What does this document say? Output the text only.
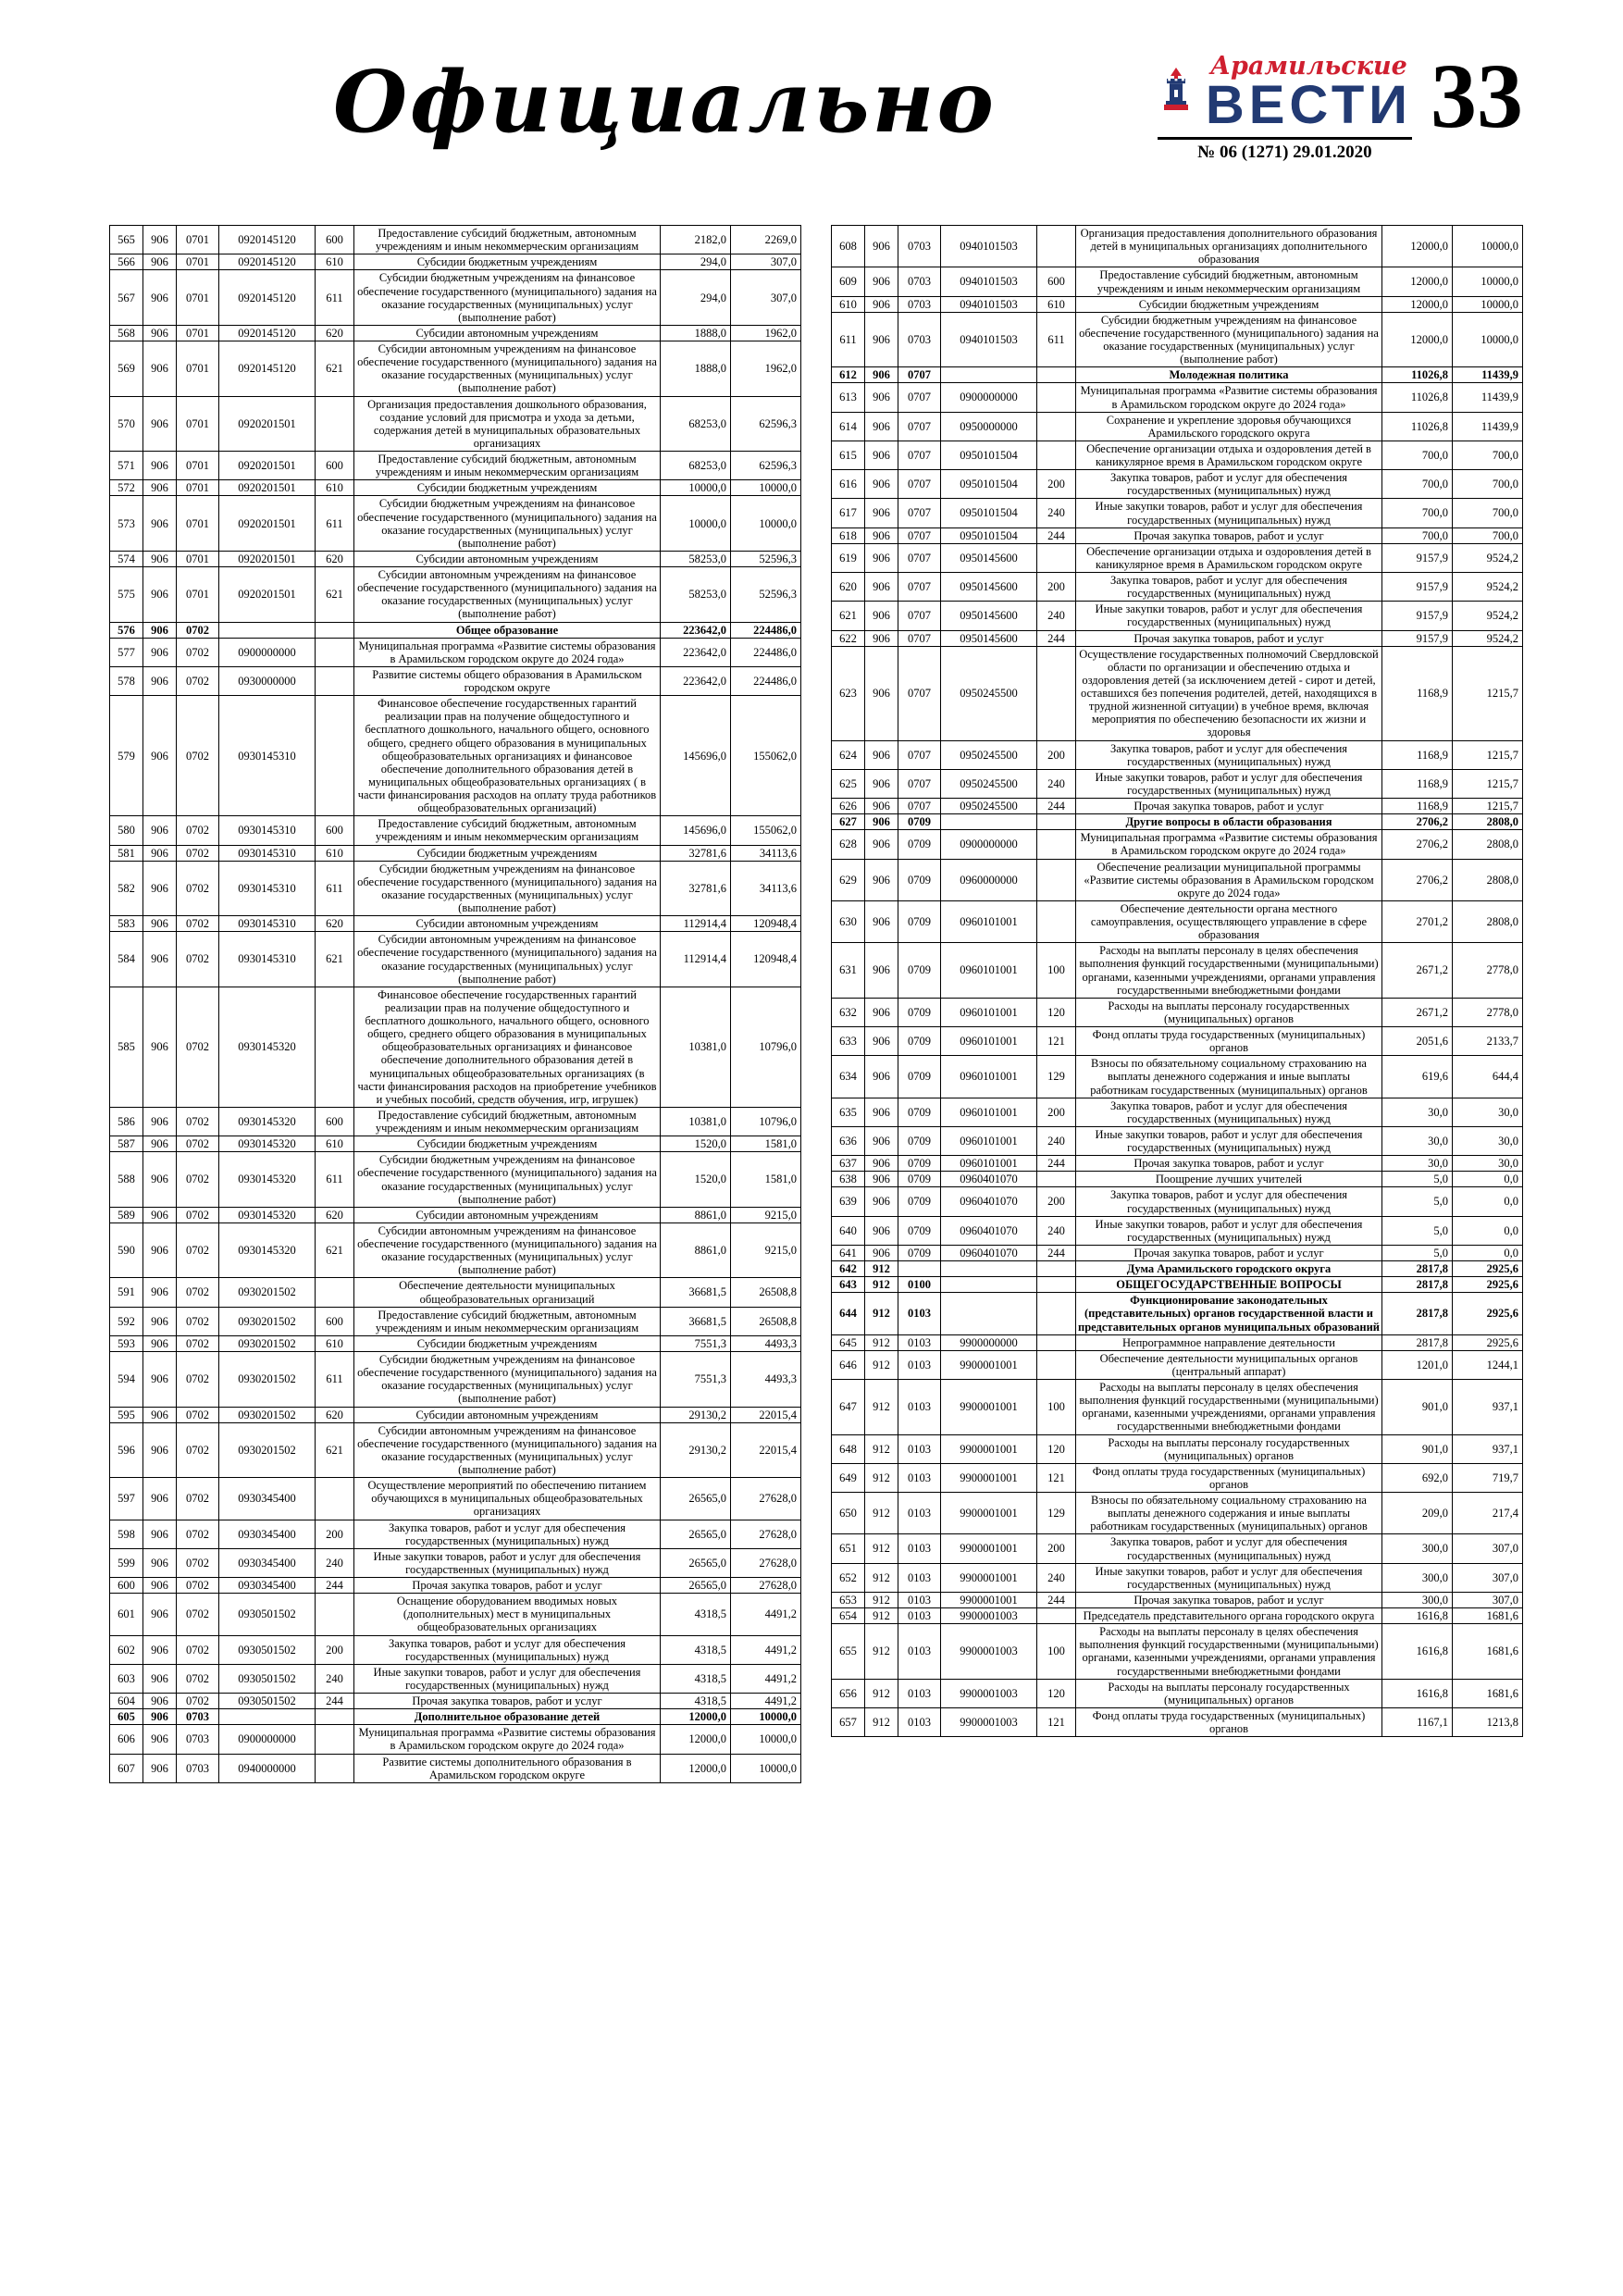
Официально	Арамильские
ВЕСТИ
№ 06 (1271) 29.01.2020
33
565	906	0701	0920145120	600	Предоставление субсидий бюджетным, автономным учреждениям и иным некоммерческим организациям	2182,0	2269,0
566	906	0701	0920145120	610	Субсидии бюджетным учреждениям	294,0	307,0
567	906	0701	0920145120	611	Субсидии бюджетным учреждениям на финансовое обеспечение государственного (муниципального) задания на оказание государственных (муниципальных) услуг (выполнение работ)	294,0	307,0
568	906	0701	0920145120	620	Субсидии автономным учреждениям	1888,0	1962,0
569	906	0701	0920145120	621	Субсидии автономным учреждениям на финансовое обеспечение государственного (муниципального) задания на оказание государственных (муниципальных) услуг (выполнение работ)	1888,0	1962,0
570	906	0701	0920201501		Организация предоставления дошкольного образования, создание условий для присмотра и ухода за детьми, содержания детей в муниципальных образовательных организациях	68253,0	62596,3
571	906	0701	0920201501	600	Предоставление субсидий бюджетным, автономным учреждениям и иным некоммерческим организациям	68253,0	62596,3
572	906	0701	0920201501	610	Субсидии бюджетным учреждениям	10000,0	10000,0
573	906	0701	0920201501	611	Субсидии бюджетным учреждениям на финансовое обеспечение государственного (муниципального) задания на оказание государственных (муниципальных) услуг (выполнение работ)	10000,0	10000,0
574	906	0701	0920201501	620	Субсидии автономным учреждениям	58253,0	52596,3
575	906	0701	0920201501	621	Субсидии автономным учреждениям на финансовое обеспечение государственного (муниципального) задания на оказание государственных (муниципальных) услуг (выполнение работ)	58253,0	52596,3
576	906	0702			Общее образование	223642,0	224486,0
577	906	0702	0900000000		Муниципальная программа «Развитие системы образования в Арамильском городском округе до 2024 года»	223642,0	224486,0
578	906	0702	0930000000		Развитие системы общего образования в Арамильском городском округе	223642,0	224486,0
579	906	0702	0930145310		Финансовое обеспечение государственных гарантий реализации прав на получение общедоступного и бесплатного дошкольного, начального общего, основного общего, среднего общего образования в муниципальных общеобразовательных организациях и финансовое обеспечение дополнительного образования детей в муниципальных общеобразовательных организациях ( в части финансирования расходов на оплату труда работников общеобразовательных организаций)	145696,0	155062,0
580	906	0702	0930145310	600	Предоставление субсидий бюджетным, автономным учреждениям и иным некоммерческим организациям	145696,0	155062,0
581	906	0702	0930145310	610	Субсидии бюджетным учреждениям	32781,6	34113,6
582	906	0702	0930145310	611	Субсидии бюджетным учреждениям на финансовое обеспечение государственного (муниципального) задания на оказание государственных (муниципальных) услуг (выполнение работ)	32781,6	34113,6
583	906	0702	0930145310	620	Субсидии автономным учреждениям	112914,4	120948,4
584	906	0702	0930145310	621	Субсидии автономным учреждениям на финансовое обеспечение государственного (муниципального) задания на оказание государственных (муниципальных) услуг (выполнение работ)	112914,4	120948,4
585	906	0702	0930145320		Финансовое обеспечение государственных гарантий реализации прав на получение общедоступного и бесплатного дошкольного, начального общего, основного общего, среднего общего образования в муниципальных общеобразовательных организациях и финансовое обеспечение дополнительного образования детей в муниципальных общеобразовательных организациях (в части финансирования расходов на приобретение учебников и учебных пособий, средств обучения, игр, игрушек)	10381,0	10796,0
586	906	0702	0930145320	600	Предоставление субсидий бюджетным, автономным учреждениям и иным некоммерческим организациям	10381,0	10796,0
587	906	0702	0930145320	610	Субсидии бюджетным учреждениям	1520,0	1581,0
588	906	0702	0930145320	611	Субсидии бюджетным учреждениям на финансовое обеспечение государственного (муниципального) задания на оказание государственных (муниципальных) услуг (выполнение работ)	1520,0	1581,0
589	906	0702	0930145320	620	Субсидии автономным учреждениям	8861,0	9215,0
590	906	0702	0930145320	621	Субсидии автономным учреждениям на финансовое обеспечение государственного (муниципального) задания на оказание государственных (муниципальных) услуг (выполнение работ)	8861,0	9215,0
591	906	0702	0930201502		Обеспечение деятельности муниципальных общеобразовательных организаций	36681,5	26508,8
592	906	0702	0930201502	600	Предоставление субсидий бюджетным, автономным учреждениям и иным некоммерческим организациям	36681,5	26508,8
593	906	0702	0930201502	610	Субсидии бюджетным учреждениям	7551,3	4493,3
594	906	0702	0930201502	611	Субсидии бюджетным учреждениям на финансовое обеспечение государственного (муниципального) задания на оказание государственных (муниципальных) услуг (выполнение работ)	7551,3	4493,3
595	906	0702	0930201502	620	Субсидии автономным учреждениям	29130,2	22015,4
596	906	0702	0930201502	621	Субсидии автономным учреждениям на финансовое обеспечение государственного (муниципального) задания на оказание государственных (муниципальных) услуг (выполнение работ)	29130,2	22015,4
597	906	0702	0930345400		Осуществление мероприятий по обеспечению питанием обучающихся в муниципальных общеобразовательных организациях	26565,0	27628,0
598	906	0702	0930345400	200	Закупка товаров, работ и услуг для обеспечения государственных (муниципальных) нужд	26565,0	27628,0
599	906	0702	0930345400	240	Иные закупки товаров, работ и услуг для обеспечения государственных (муниципальных) нужд	26565,0	27628,0
600	906	0702	0930345400	244	Прочая закупка товаров, работ и услуг	26565,0	27628,0
601	906	0702	0930501502		Оснащение оборудованием вводимых новых (дополнительных) мест в муниципальных общеобразовательных организациях	4318,5	4491,2
602	906	0702	0930501502	200	Закупка товаров, работ и услуг для обеспечения государственных (муниципальных) нужд	4318,5	4491,2
603	906	0702	0930501502	240	Иные закупки товаров, работ и услуг для обеспечения государственных (муниципальных) нужд	4318,5	4491,2
604	906	0702	0930501502	244	Прочая закупка товаров, работ и услуг	4318,5	4491,2
605	906	0703			Дополнительное образование детей	12000,0	10000,0
606	906	0703	0900000000		Муниципальная программа «Развитие системы образования в Арамильском городском округе до 2024 года»	12000,0	10000,0
607	906	0703	0940000000		Развитие системы дополнительного образования в Арамильском городском округе	12000,0	10000,0
608	906	0703	0940101503		Организация предоставления дополнительного образования детей в муниципальных организациях дополнительного образования	12000,0	10000,0
609	906	0703	0940101503	600	Предоставление субсидий бюджетным, автономным учреждениям и иным некоммерческим организациям	12000,0	10000,0
610	906	0703	0940101503	610	Субсидии бюджетным учреждениям	12000,0	10000,0
611	906	0703	0940101503	611	Субсидии бюджетным учреждениям на финансовое обеспечение государственного (муниципального) задания на оказание государственных (муниципальных) услуг (выполнение работ)	12000,0	10000,0
612	906	0707			Молодежная политика	11026,8	11439,9
613	906	0707	0900000000		Муниципальная программа «Развитие системы образования в Арамильском городском округе до 2024 года»	11026,8	11439,9
614	906	0707	0950000000		Сохранение и укрепление здоровья обучающихся Арамильского городского округа	11026,8	11439,9
615	906	0707	0950101504		Обеспечение организации отдыха и оздоровления детей в каникулярное время в Арамильском городском округе	700,0	700,0
616	906	0707	0950101504	200	Закупка товаров, работ и услуг для обеспечения государственных (муниципальных) нужд	700,0	700,0
617	906	0707	0950101504	240	Иные закупки товаров, работ и услуг для обеспечения государственных (муниципальных) нужд	700,0	700,0
618	906	0707	0950101504	244	Прочая закупка товаров, работ и услуг	700,0	700,0
619	906	0707	0950145600		Обеспечение организации отдыха и оздоровления детей в каникулярное время в Арамильском городском округе	9157,9	9524,2
620	906	0707	0950145600	200	Закупка товаров, работ и услуг для обеспечения государственных (муниципальных) нужд	9157,9	9524,2
621	906	0707	0950145600	240	Иные закупки товаров, работ и услуг для обеспечения государственных (муниципальных) нужд	9157,9	9524,2
622	906	0707	0950145600	244	Прочая закупка товаров, работ и услуг	9157,9	9524,2
623	906	0707	0950245500		Осуществление государственных полномочий Свердловской области по организации и обеспечению отдыха и оздоровления детей (за исключением детей - сирот и детей, оставшихся без попечения родителей, детей, находящихся в трудной жизненной ситуации) в учебное время, включая мероприятия по обеспечению безопасности их жизни и здоровья	1168,9	1215,7
624	906	0707	0950245500	200	Закупка товаров, работ и услуг для обеспечения государственных (муниципальных) нужд	1168,9	1215,7
625	906	0707	0950245500	240	Иные закупки товаров, работ и услуг для обеспечения государственных (муниципальных) нужд	1168,9	1215,7
626	906	0707	0950245500	244	Прочая закупка товаров, работ и услуг	1168,9	1215,7
627	906	0709			Другие вопросы в области образования	2706,2	2808,0
628	906	0709	0900000000		Муниципальная программа «Развитие системы образования в Арамильском городском округе до 2024 года»	2706,2	2808,0
629	906	0709	0960000000		Обеспечение реализации муниципальной программы «Развитие системы образования в Арамильском городском округе до 2024 года»	2706,2	2808,0
630	906	0709	0960101001		Обеспечение деятельности органа местного самоуправления, осуществляющего управление в сфере образования	2701,2	2808,0
631	906	0709	0960101001	100	Расходы на выплаты персоналу в целях обеспечения выполнения функций государственными (муниципальными) органами, казенными учреждениями, органами управления государственными внебюджетными фондами	2671,2	2778,0
632	906	0709	0960101001	120	Расходы на выплаты персоналу государственных (муниципальных) органов	2671,2	2778,0
633	906	0709	0960101001	121	Фонд оплаты труда государственных (муниципальных) органов	2051,6	2133,7
634	906	0709	0960101001	129	Взносы по обязательному социальному страхованию на выплаты денежного содержания и иные выплаты работникам государственных (муниципальных) органов	619,6	644,4
635	906	0709	0960101001	200	Закупка товаров, работ и услуг для обеспечения государственных (муниципальных) нужд	30,0	30,0
636	906	0709	0960101001	240	Иные закупки товаров, работ и услуг для обеспечения государственных (муниципальных) нужд	30,0	30,0
637	906	0709	0960101001	244	Прочая закупка товаров, работ и услуг	30,0	30,0
638	906	0709	0960401070		Поощрение лучших учителей	5,0	0,0
639	906	0709	0960401070	200	Закупка товаров, работ и услуг для обеспечения государственных (муниципальных) нужд	5,0	0,0
640	906	0709	0960401070	240	Иные закупки товаров, работ и услуг для обеспечения государственных (муниципальных) нужд	5,0	0,0
641	906	0709	0960401070	244	Прочая закупка товаров, работ и услуг	5,0	0,0
642	912				Дума Арамильского городского округа	2817,8	2925,6
643	912	0100			ОБЩЕГОСУДАРСТВЕННЫЕ ВОПРОСЫ	2817,8	2925,6
644	912	0103			Функционирование законодательных (представительных) органов государственной власти и представительных органов муниципальных образований	2817,8	2925,6
645	912	0103	9900000000		Непрограммное направление деятельности	2817,8	2925,6
646	912	0103	9900001001		Обеспечение деятельности муниципальных органов (центральный аппарат)	1201,0	1244,1
647	912	0103	9900001001	100	Расходы на выплаты персоналу в целях обеспечения выполнения функций государственными (муниципальными) органами, казенными учреждениями, органами управления государственными внебюджетными фондами	901,0	937,1
648	912	0103	9900001001	120	Расходы на выплаты персоналу государственных (муниципальных) органов	901,0	937,1
649	912	0103	9900001001	121	Фонд оплаты труда государственных (муниципальных) органов	692,0	719,7
650	912	0103	9900001001	129	Взносы по обязательному социальному страхованию на выплаты денежного содержания и иные выплаты работникам государственных (муниципальных) органов	209,0	217,4
651	912	0103	9900001001	200	Закупка товаров, работ и услуг для обеспечения государственных (муниципальных) нужд	300,0	307,0
652	912	0103	9900001001	240	Иные закупки товаров, работ и услуг для обеспечения государственных (муниципальных) нужд	300,0	307,0
653	912	0103	9900001001	244	Прочая закупка товаров, работ и услуг	300,0	307,0
654	912	0103	9900001003		Председатель представительного органа городского округа	1616,8	1681,6
655	912	0103	9900001003	100	Расходы на выплаты персоналу в целях обеспечения выполнения функций государственными (муниципальными) органами, казенными учреждениями, органами управления государственными внебюджетными фондами	1616,8	1681,6
656	912	0103	9900001003	120	Расходы на выплаты персоналу государственных (муниципальных) органов	1616,8	1681,6
657	912	0103	9900001003	121	Фонд оплаты труда государственных (муниципальных) органов	1167,1	1213,8
